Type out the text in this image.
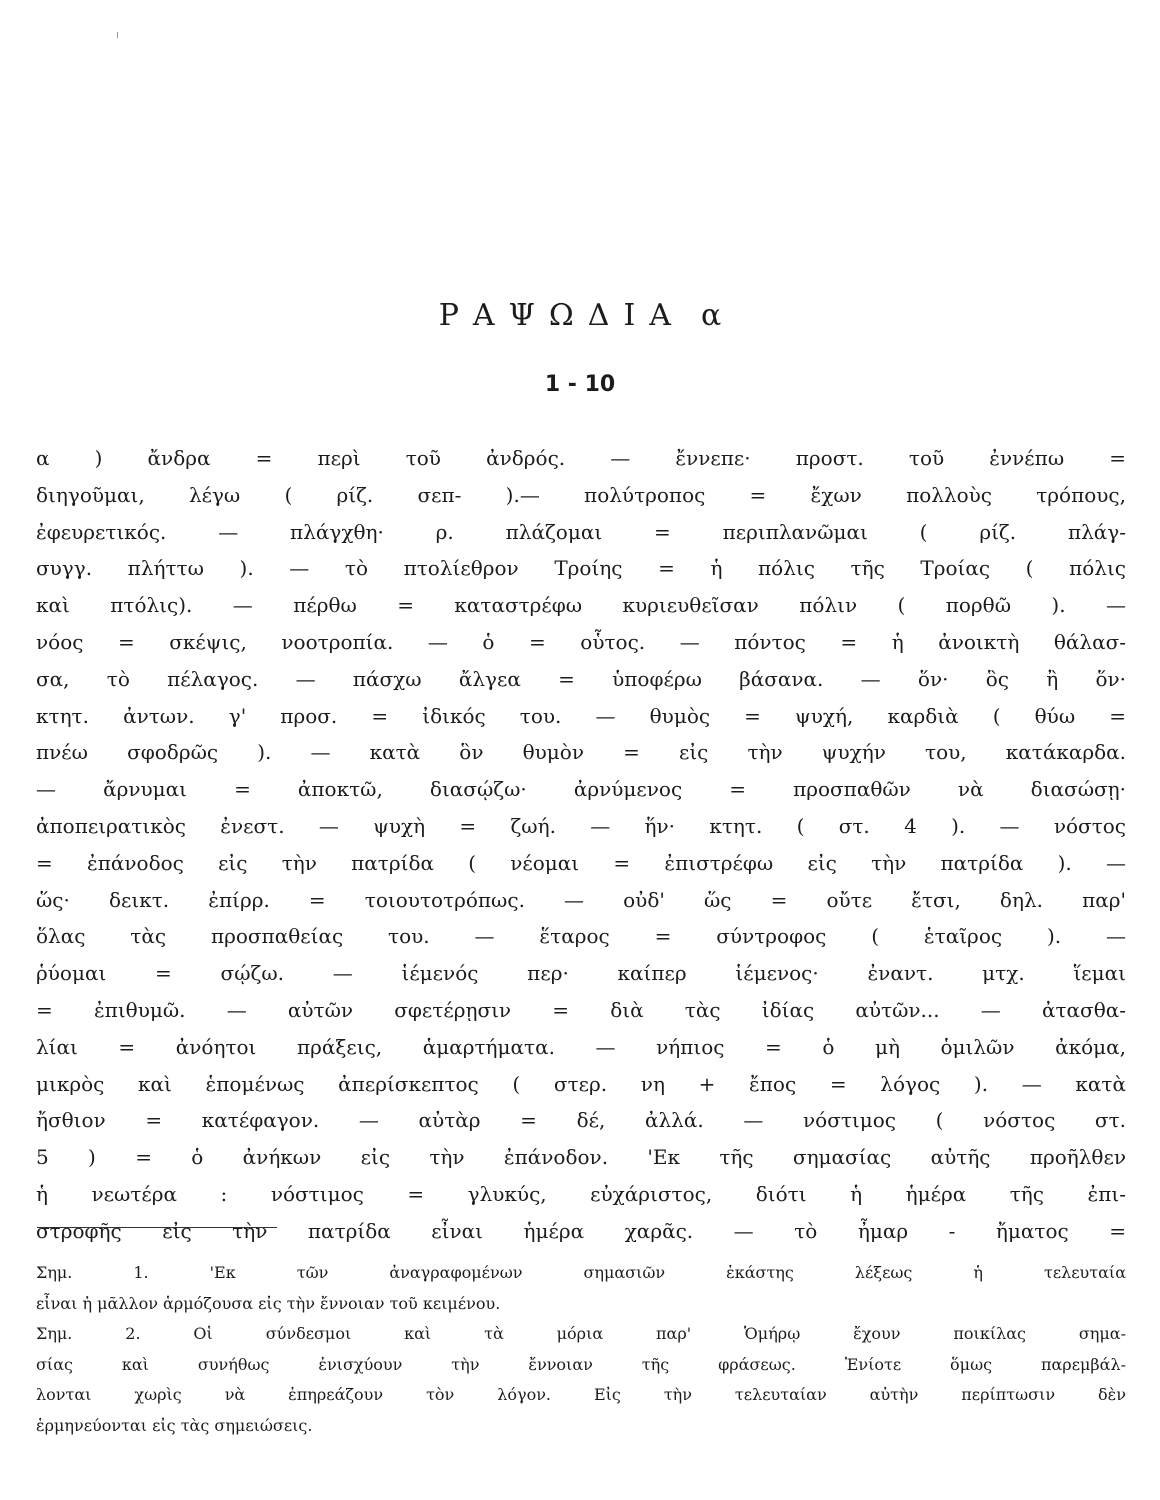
ΡΑΨΩΔΙΑ α
1 - 10
α ) ἄνδρα = περὶ τοῦ ἀνδρός. — ἔννεπε· προστ. τοῦ ἐννέπω =
διηγοῦμαι, λέγω ( ρίζ. σεπ- ).— πολύτροπος = ἔχων πολλοὺς τρόπους,
ἐφευρετικός. — πλάγχθη· ρ. πλάζομαι = περιπλανῶμαι ( ρίζ. πλάγ-
συγγ. πλήττω ). — τὸ πτολίεθρον Τροίης = ἡ πόλις τῆς Τροίας ( πόλις
καὶ πτόλις). — πέρθω = καταστρέφω κυριευθεῖσαν πόλιν ( πορθῶ ). —
νόος = σκέψις, νοοτροπία. — ὁ = οὗτος. — πόντος = ἡ ἀνοικτὴ θάλασ-
σα, τὸ πέλαγος. — πάσχω ἄλγεα = ὑποφέρω βάσανα. — ὅν· ὃς ἢ ὅν·
κτητ. ἀντων. γ' προσ. = ἰδικός του. — θυμὸς = ψυχή, καρδιὰ ( θύω =
πνέω σφοδρῶς ). — κατὰ ὃν θυμὸν = εἰς τὴν ψυχήν του, κατάκαρδα.
— ἄρνυμαι = ἀποκτῶ, διασῴζω· ἀρνύμενος = προσπαθῶν νὰ διασώσῃ·
ἀποπειρατικὸς ἐνεστ. — ψυχὴ = ζωή. — ἥν· κτητ. ( στ. 4 ). — νόστος
= ἐπάνοδος εἰς τὴν πατρίδα ( νέομαι = ἐπιστρέφω εἰς τὴν πατρίδα ). —
ὥς· δεικτ. ἐπίρρ. = τοιουτοτρόπως. — οὐδ' ὥς = οὔτε ἔτσι, δηλ. παρ'
ὅλας τὰς προσπαθείας του. — ἕταρος = σύντροφος ( ἑταῖρος ). —
ῥύομαι = σῴζω. — ἱέμενός περ· καίπερ ἱέμενος· ἐναντ. μτχ. ἵεμαι
= ἐπιθυμῶ. — αὐτῶν σφετέρῃσιν = διὰ τὰς ἰδίας αὐτῶν... — ἀτασθα-
λίαι = ἀνόητοι πράξεις, ἁμαρτήματα. — νήπιος = ὁ μὴ ὁμιλῶν ἀκόμα,
μικρὸς καὶ ἑπομένως ἀπερίσκεπτος ( στερ. νη + ἔπος = λόγος ). — κατὰ
ἤσθιον = κατέφαγον. — αὐτὰρ = δέ, ἀλλά. — νόστιμος ( νόστος στ.
5 ) = ὁ ἀνήκων εἰς τὴν ἐπάνοδον. 'Εκ τῆς σημασίας αὐτῆς προῆλθεν
ἡ νεωτέρα : νόστιμος = γλυκύς, εὐχάριστος, διότι ἡ ἡμέρα τῆς ἐπι-
στροφῆς εἰς τὴν πατρίδα εἶναι ἡμέρα χαρᾶς. — τὸ ἦμαρ - ἤματος =
Σημ. 1. 'Εκ τῶν ἀναγραφομένων σημασιῶν ἑκάστης λέξεως ἡ τελευταία
εἶναι ἡ μᾶλλον ἁρμόζουσα εἰς τὴν ἔννοιαν τοῦ κειμένου.
Σημ. 2. Οἱ σύνδεσμοι καὶ τὰ μόρια παρ' Ὁμήρῳ ἔχουν ποικίλας σημα-
σίας καὶ συνήθως ἐνισχύουν τὴν ἔννοιαν τῆς φράσεως. Ἐνίοτε ὅμως παρεμβάλ-
λονται χωρὶς νὰ ἐπηρεάζουν τὸν λόγον. Εἰς τὴν τελευταίαν αὐτὴν περίπτωσιν δὲν
ἑρμηνεύονται εἰς τὰς σημειώσεις.
